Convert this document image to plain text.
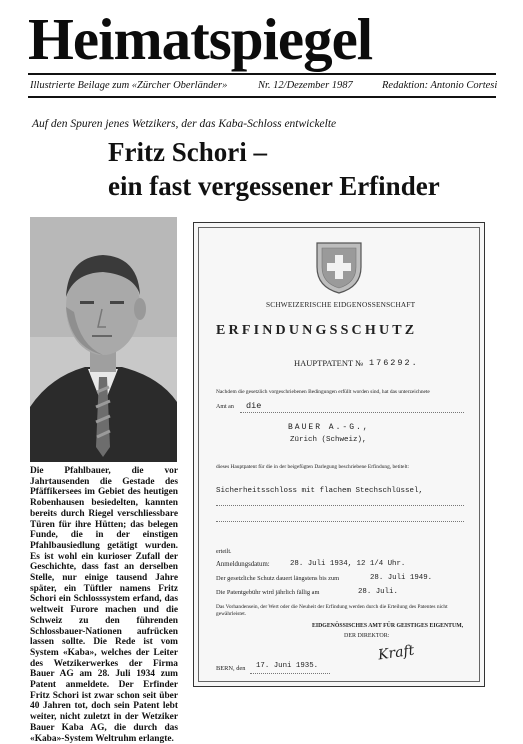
Heimatspiegel
Illustrierte Beilage zum «Zürcher Oberländer»	Nr. 12/Dezember 1987	Redaktion: Antonio Cortesi
Auf den Spuren jenes Wetzikers, der das Kaba-Schloss entwickelte
Fritz Schori –
ein fast vergessener Erfinder

Die Pfahlbauer, die vor Jahrtausenden die Gestade des Pfäffikersees im Gebiet des heutigen Robenhausen besiedelten, kannten bereits durch Riegel verschliessbare Türen für ihre Hütten; das belegen Funde, die in der einstigen Pfahlbausiedlung getätigt wurden. Es ist wohl ein kurioser Zufall der Geschichte, dass fast an derselben Stelle, nur einige tausend Jahre später, ein Tüftler namens Fritz Schori ein Schlosssystem erfand, das weltweit Furore machen und die Schweiz zu den führenden Schlossbauer-Nationen aufrücken lassen sollte. Die Rede ist vom System «Kaba», welches der Leiter des Wetzikerwerkes der Firma Bauer AG am 28. Juli 1934 zum Patent anmeldete. Der Erfinder Fritz Schori ist zwar schon seit über 40 Jahren tot, doch sein Patent lebt weiter, nicht zuletzt in der Wetziker Bauer Kaba AG, die durch das «Kaba»-System Weltruhm erlangte.

SCHWEIZERISCHE EIDGENOSSENSCHAFT
ERFINDUNGSSCHUTZ
HAUPTPATENT № 176292.
Nachdem die gesetzlich vorgeschriebenen Bedingungen erfüllt worden sind, hat das unterzeichnete
Amt an die
BAUER A.-G.,
Zürich (Schweiz),
dieses Hauptpatent für die in der beigefügten Darlegung beschriebene Erfindung, betitelt:
Sicherheitsschloss mit flachem Stechschlüssel,
erteilt.
Anmeldungsdatum:	28. Juli 1934, 12 1/4 Uhr.
Der gesetzliche Schutz dauert längstens bis zum	28. Juli 1949.
Die Patentgebühr wird jährlich fällig am	28. Juli.
Das Vorhandensein, der Wert oder die Neuheit der Erfindung werden durch die Erteilung des Patentes nicht gewährleistet.
EIDGENÖSSISCHES AMT FÜR GEISTIGES EIGENTUM,
DER DIREKTOR:
Kraft
BERN, den 17. Juni 1935.
